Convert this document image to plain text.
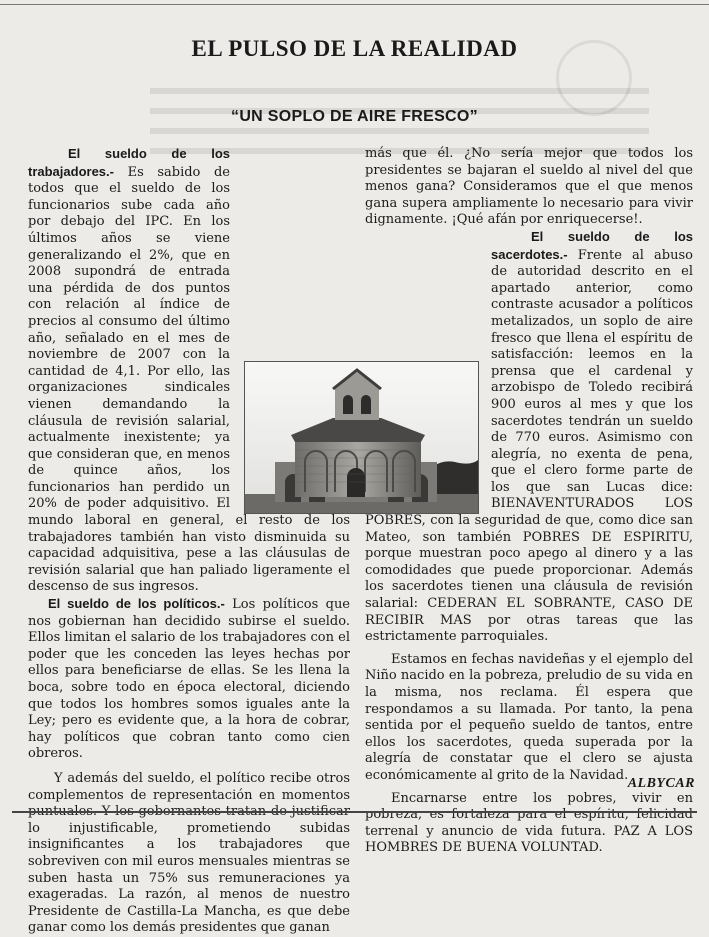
EL PULSO DE LA REALIDAD
“UN SOPLO DE AIRE FRESCO”

El sueldo de los trabajadores.- Es sabido de todos que el sueldo de los funcionarios sube cada año por debajo del IPC. En los últimos años se viene generalizando el 2%, que en 2008 supondrá de entrada una pérdida de dos puntos con relación al índice de precios al consumo del último año, señalado en el mes de noviembre de 2007 con la cantidad de 4,1. Por ello, las organizaciones sindicales vienen demandando la cláusula de revisión salarial, actualmente inexistente; ya que consideran que, en menos de quince años, los funcionarios han perdido un 20% de poder adquisitivo. El mundo laboral en general, el resto de los trabajadores también han visto disminuida su capacidad adquisitiva, pese a las cláusulas de revisión salarial que han paliado ligeramente el descenso de sus ingresos.

El sueldo de los políticos.- Los políticos que nos gobiernan han decidido subirse el sueldo. Ellos limitan el salario de los trabajadores con el poder que les conceden las leyes hechas por ellos para beneficiarse de ellas. Se les llena la boca, sobre todo en época electoral, diciendo que todos los hombres somos iguales ante la Ley; pero es evidente que, a la hora de cobrar, hay políticos que cobran tanto como cien obreros.

Y además del sueldo, el político recibe otros complementos de representación en momentos puntuales. Y los gobernantes tratan de justificar lo injustificable, prometiendo subidas insignificantes a los trabajadores que sobreviven con mil euros mensuales mientras se suben hasta un 75% sus remuneraciones ya exageradas. La razón, al menos de nuestro Presidente de Castilla-La Mancha, es que debe ganar como los demás presidentes que ganan

más que él. ¿No sería mejor que todos los presidentes se bajaran el sueldo al nivel del que menos gana? Consideramos que el que menos gana supera ampliamente lo necesario para vivir dignamente. ¡Qué afán por enriquecerse!.

El sueldo de los sacerdotes.- Frente al abuso de autoridad descrito en el apartado anterior, como contraste acusador a políticos metalizados, un soplo de aire fresco que llena el espíritu de satisfacción: leemos en la prensa que el cardenal y arzobispo de Toledo recibirá 900 euros al mes y que los sacerdotes tendrán un sueldo de 770 euros. Asimismo con alegría, no exenta de pena, que el clero forme parte de los que san Lucas dice: BIENAVENTURADOS LOS POBRES, con la seguridad de que, como dice san Mateo, son también POBRES DE ESPIRITU, porque muestran poco apego al dinero y a las comodidades que puede proporcionar. Además los sacerdotes tienen una cláusula de revisión salarial: CEDERAN EL SOBRANTE, CASO DE RECIBIR MAS por otras tareas que las estrictamente parroquiales.

Estamos en fechas navideñas y el ejemplo del Niño nacido en la pobreza, preludio de su vida en la misma, nos reclama. Él espera que respondamos a su llamada. Por tanto, la pena sentida por el pequeño sueldo de tantos, entre ellos los sacerdotes, queda superada por la alegría de constatar que el clero se ajusta económicamente al grito de la Navidad.

Encarnarse entre los pobres, vivir en pobreza, es fortaleza para el espíritu, felicidad terrenal y anuncio de vida futura. PAZ A LOS HOMBRES DE BUENA VOLUNTAD.

ALBYCAR
